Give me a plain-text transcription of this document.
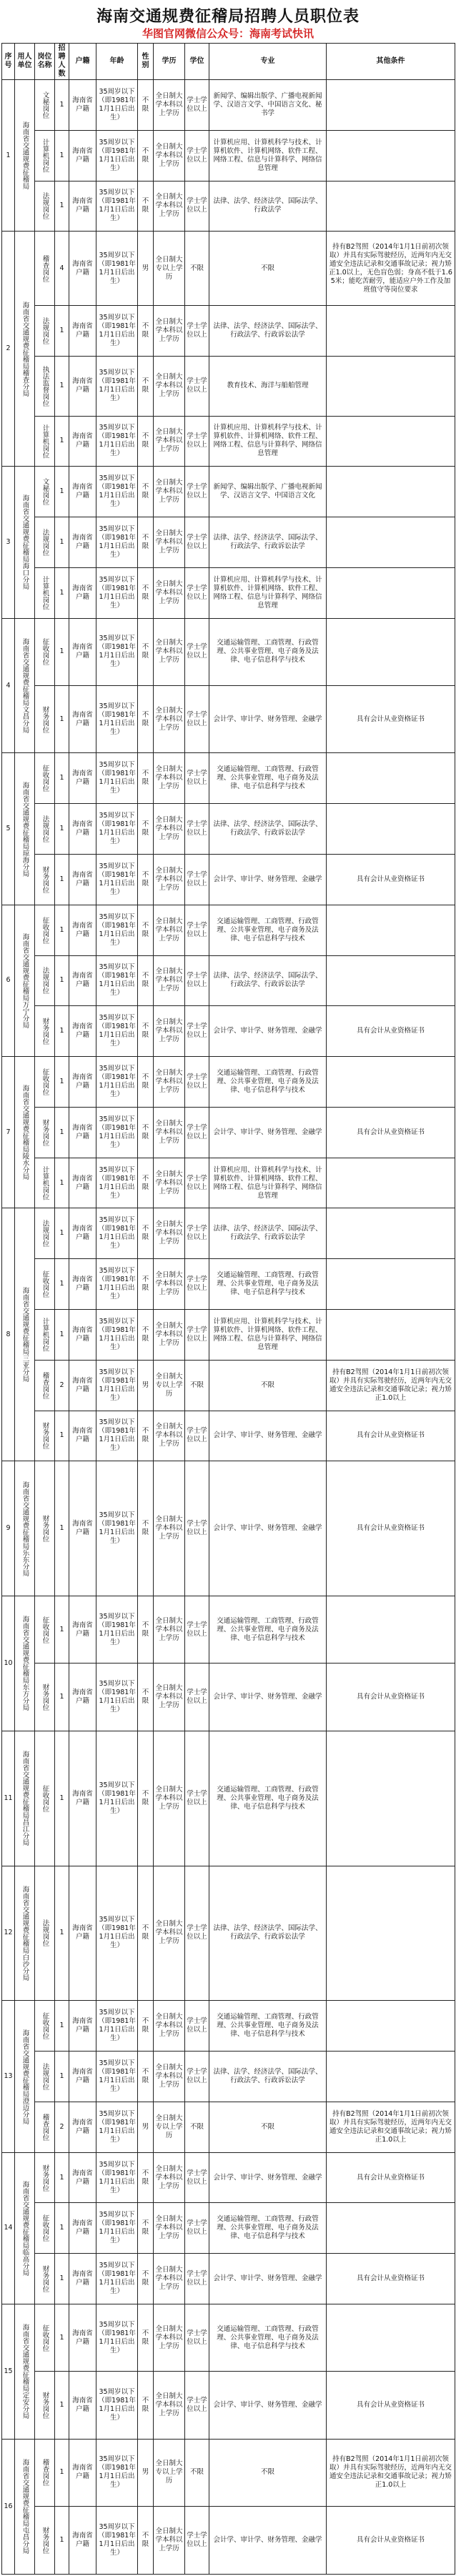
海南交通规费征稽局招聘人员职位表
华图官网微信公众号：海南考试快讯
序号	用人单位	岗位名称	招聘人数	户籍	年龄	性别	学历	学位	专业	其他条件
1	海南省交通规费征稽局	文秘岗位	1	海南省户籍	35周岁以下（即1981年1月1日后出生）	不限	全日制大学本科以上学历	学士学位以上	新闻学、编辑出版学、广播电视新闻学、汉语言文学、中国语言文化、秘书学	
		计算机岗位	1	海南省户籍	35周岁以下（即1981年1月1日后出生）	不限	全日制大学本科以上学历	学士学位以上	计算机应用、计算机科学与技术、计算机软件、计算机网络、软件工程、网络工程、信息与计算科学、网络信息管理	
		法规岗位	1	海南省户籍	35周岁以下（即1981年1月1日后出生）	不限	全日制大学本科以上学历	学士学位以上	法律、法学、经济法学、国际法学、行政法学	
2	海南省交通规费征稽局稽查分局	稽查岗位	4	海南省户籍	35周岁以下（即1981年1月1日后出生）	男	全日制大专以上学历	不限	不限	持有B2驾照（2014年1月1日前初次领取）并具有实际驾驶经历，近两年内无交通安全违法记录和交通事故记录；视力矫正1.0以上，无色盲色弱；身高不低于1.65米；能吃苦耐劳，能适应户外工作及加班值守等岗位要求
		法规岗位	1	海南省户籍	35周岁以下（即1981年1月1日后出生）	不限	全日制大学本科以上学历	学士学位以上	法律、法学、经济法学、国际法学、行政法学、行政诉讼法学	
		执法监督岗位	1	海南省户籍	35周岁以下（即1981年1月1日后出生）	不限	全日制大学本科以上学历	学士学位以上	教育技术、海洋与船舶管理	
		计算机岗位	1	海南省户籍	35周岁以下（即1981年1月1日后出生）	不限	全日制大学本科以上学历	学士学位以上	计算机应用、计算机科学与技术、计算机软件、计算机网络、软件工程、网络工程、信息与计算科学、网络信息管理	
3	海南省交通规费征稽局海口分局	文秘岗位	1	海南省户籍	35周岁以下（即1981年1月1日后出生）	不限	全日制大学本科以上学历	学士学位以上	新闻学、编辑出版学、广播电视新闻学、汉语言文学、中国语言文化	
		法规岗位	1	海南省户籍	35周岁以下（即1981年1月1日后出生）	不限	全日制大学本科以上学历	学士学位以上	法律、法学、经济法学、国际法学、行政法学、行政诉讼法学	
		计算机岗位	1	海南省户籍	35周岁以下（即1981年1月1日后出生）	不限	全日制大学本科以上学历	学士学位以上	计算机应用、计算机科学与技术、计算机软件、计算机网络、软件工程、网络工程、信息与计算科学、网络信息管理	
4	海南省交通规费征稽局文昌分局	征收岗位	1	海南省户籍	35周岁以下（即1981年1月1日后出生）	不限	全日制大学本科以上学历	学士学位以上	交通运输管理、工商管理、行政管理、公共事业管理、电子商务及法律、电子信息科学与技术	
		财务岗位	1	海南省户籍	35周岁以下（即1981年1月1日后出生）	不限	全日制大学本科以上学历	学士学位以上	会计学、审计学、财务管理、金融学	具有会计从业资格证书
5	海南省交通规费征稽局琼海分局	征收岗位	1	海南省户籍	35周岁以下（即1981年1月1日后出生）	不限	全日制大学本科以上学历	学士学位以上	交通运输管理、工商管理、行政管理、公共事业管理、电子商务及法律、电子信息科学与技术	
		法规岗位	1	海南省户籍	35周岁以下（即1981年1月1日后出生）	不限	全日制大学本科以上学历	学士学位以上	法律、法学、经济法学、国际法学、行政法学、行政诉讼法学	
		财务岗位	1	海南省户籍	35周岁以下（即1981年1月1日后出生）	不限	全日制大学本科以上学历	学士学位以上	会计学、审计学、财务管理、金融学	具有会计从业资格证书
6	海南省交通规费征稽局万宁分局	征收岗位	1	海南省户籍	35周岁以下（即1981年1月1日后出生）	不限	全日制大学本科以上学历	学士学位以上	交通运输管理、工商管理、行政管理、公共事业管理、电子商务及法律、电子信息科学与技术	
		法规岗位	1	海南省户籍	35周岁以下（即1981年1月1日后出生）	不限	全日制大学本科以上学历	学士学位以上	法律、法学、经济法学、国际法学、行政法学、行政诉讼法学	
		财务岗位	1	海南省户籍	35周岁以下（即1981年1月1日后出生）	不限	全日制大学本科以上学历	学士学位以上	会计学、审计学、财务管理、金融学	具有会计从业资格证书
7	海南省交通规费征稽局陵水分局	征收岗位	1	海南省户籍	35周岁以下（即1981年1月1日后出生）	不限	全日制大学本科以上学历	学士学位以上	交通运输管理、工商管理、行政管理、公共事业管理、电子商务及法律、电子信息科学与技术	
		财务岗位	1	海南省户籍	35周岁以下（即1981年1月1日后出生）	不限	全日制大学本科以上学历	学士学位以上	会计学、审计学、财务管理、金融学	具有会计从业资格证书
		计算机岗位	1	海南省户籍	35周岁以下（即1981年1月1日后出生）	不限	全日制大学本科以上学历	学士学位以上	计算机应用、计算机科学与技术、计算机软件、计算机网络、软件工程、网络工程、信息与计算科学、网络信息管理	
8	海南省交通规费征稽局三亚分局	法规岗位	1	海南省户籍	35周岁以下（即1981年1月1日后出生）	不限	全日制大学本科以上学历	学士学位以上	法律、法学、经济法学、国际法学、行政法学、行政诉讼法学	
		征收岗位	1	海南省户籍	35周岁以下（即1981年1月1日后出生）	不限	全日制大学本科以上学历	学士学位以上	交通运输管理、工商管理、行政管理、公共事业管理、电子商务及法律、电子信息科学与技术	
		计算机岗位	1	海南省户籍	35周岁以下（即1981年1月1日后出生）	不限	全日制大学本科以上学历	学士学位以上	计算机应用、计算机科学与技术、计算机软件、计算机网络、软件工程、网络工程、信息与计算科学、网络信息管理	
		稽查岗位	2	海南省户籍	35周岁以下（即1981年1月1日后出生）	男	全日制大专以上学历	不限	不限	持有B2驾照（2014年1月1日前初次领取）并具有实际驾驶经历，近两年内无交通安全违法记录和交通事故记录；视力矫正1.0以上
		财务岗位	1	海南省户籍	35周岁以下（即1981年1月1日后出生）	不限	全日制大学本科以上学历	学士学位以上	会计学、审计学、财务管理、金融学	具有会计从业资格证书
9	海南省交通规费征稽局乐东分局	财务岗位	1	海南省户籍	35周岁以下（即1981年1月1日后出生）	不限	全日制大学本科以上学历	学士学位以上	会计学、审计学、财务管理、金融学	具有会计从业资格证书
10	海南省交通规费征稽局东方分局	征收岗位	1	海南省户籍	35周岁以下（即1981年1月1日后出生）	不限	全日制大学本科以上学历	学士学位以上	交通运输管理、工商管理、行政管理、公共事业管理、电子商务及法律、电子信息科学与技术	
		财务岗位	1	海南省户籍	35周岁以下（即1981年1月1日后出生）	不限	全日制大学本科以上学历	学士学位以上	会计学、审计学、财务管理、金融学	具有会计从业资格证书
11	海南省交通规费征稽局昌江分局	征收岗位	1	海南省户籍	35周岁以下（即1981年1月1日后出生）	不限	全日制大学本科以上学历	学士学位以上	交通运输管理、工商管理、行政管理、公共事业管理、电子商务及法律、电子信息科学与技术	
12	海南省交通规费征稽局白沙分局	法规岗位	1	海南省户籍	35周岁以下（即1981年1月1日后出生）	不限	全日制大学本科以上学历	学士学位以上	法律、法学、经济法学、国际法学、行政法学、行政诉讼法学	
13	海南省交通规费征稽局澄迈分局	征收岗位	1	海南省户籍	35周岁以下（即1981年1月1日后出生）	不限	全日制大学本科以上学历	学士学位以上	交通运输管理、工商管理、行政管理、公共事业管理、电子商务及法律、电子信息科学与技术	
		法规岗位	1	海南省户籍	35周岁以下（即1981年1月1日后出生）	不限	全日制大学本科以上学历	学士学位以上	法律、法学、经济法学、国际法学、行政法学、行政诉讼法学	
		稽查岗位	2	海南省户籍	35周岁以下（即1981年1月1日后出生）	男	全日制大专以上学历	不限	不限	持有B2驾照（2014年1月1日前初次领取）并具有实际驾驶经历，近两年内无交通安全违法记录和交通事故记录；视力矫正1.0以上
14	海南省交通规费征稽局临高分局	财务岗位	1	海南省户籍	35周岁以下（即1981年1月1日后出生）	不限	全日制大学本科以上学历	学士学位以上	会计学、审计学、财务管理、金融学	具有会计从业资格证书
		征收岗位	1	海南省户籍	35周岁以下（即1981年1月1日后出生）	不限	全日制大学本科以上学历	学士学位以上	交通运输管理、工商管理、行政管理、公共事业管理、电子商务及法律、电子信息科学与技术	
		财务岗位	1	海南省户籍	35周岁以下（即1981年1月1日后出生）	不限	全日制大学本科以上学历	学士学位以上	会计学、审计学、财务管理、金融学	具有会计从业资格证书
15	海南省交通规费征稽局定安分局	征收岗位	1	海南省户籍	35周岁以下（即1981年1月1日后出生）	不限	全日制大学本科以上学历	学士学位以上	交通运输管理、工商管理、行政管理、公共事业管理、电子商务及法律、电子信息科学与技术	
		财务岗位	1	海南省户籍	35周岁以下（即1981年1月1日后出生）	不限	全日制大学本科以上学历	学士学位以上	会计学、审计学、财务管理、金融学	具有会计从业资格证书
16	海南省交通规费征稽局屯昌分局	稽查岗位	1	海南省户籍	35周岁以下（即1981年1月1日后出生）	男	全日制大专以上学历	不限	不限	持有B2驾照（2014年1月1日前初次领取）并具有实际驾驶经历，近两年内无交通安全违法记录和交通事故记录；视力矫正1.0以上
		财务岗位	1	海南省户籍	35周岁以下（即1981年1月1日后出生）	不限	全日制大学本科以上学历	学士学位以上	会计学、审计学、财务管理、金融学	具有会计从业资格证书
